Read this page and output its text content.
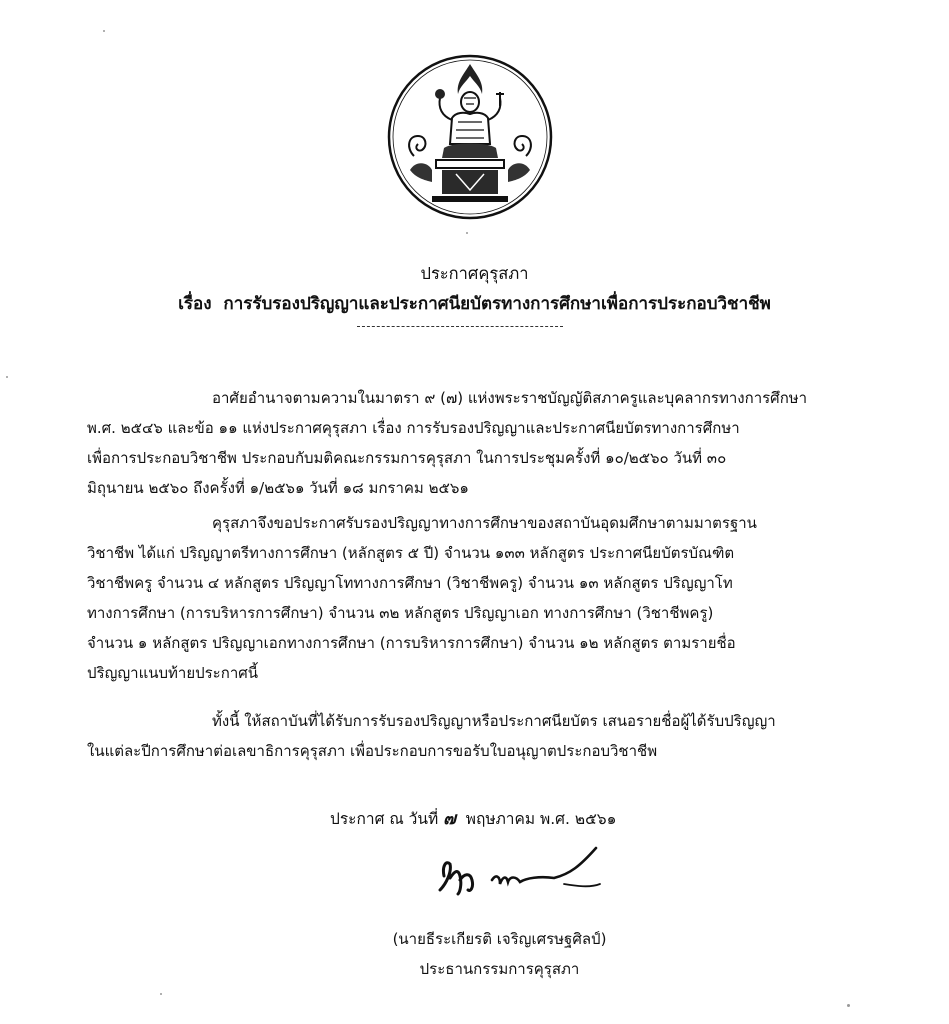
ประกาศคุรุสภา
เรื่อง การรับรองปริญญาและประกาศนียบัตรทางการศึกษาเพื่อการประกอบวิชาชีพ
อาศัยอำนาจตามความในมาตรา ๙ (๗) แห่งพระราชบัญญัติสภาครูและบุคลากรทางการศึกษา
พ.ศ. ๒๕๔๖ และข้อ ๑๑ แห่งประกาศคุรุสภา เรื่อง การรับรองปริญญาและประกาศนียบัตรทางการศึกษา
เพื่อการประกอบวิชาชีพ ประกอบกับมติคณะกรรมการคุรุสภา ในการประชุมครั้งที่ ๑๐/๒๕๖๐ วันที่ ๓๐
มิถุนายน ๒๕๖๐ ถึงครั้งที่ ๑/๒๕๖๑ วันที่ ๑๘ มกราคม ๒๕๖๑
คุรุสภาจึงขอประกาศรับรองปริญญาทางการศึกษาของสถาบันอุดมศึกษาตามมาตรฐาน
วิชาชีพ ได้แก่ ปริญญาตรีทางการศึกษา (หลักสูตร ๕ ปี) จำนวน ๑๓๓ หลักสูตร ประกาศนียบัตรบัณฑิต
วิชาชีพครู จำนวน ๔ หลักสูตร ปริญญาโททางการศึกษา (วิชาชีพครู) จำนวน ๑๓ หลักสูตร ปริญญาโท
ทางการศึกษา (การบริหารการศึกษา) จำนวน ๓๒ หลักสูตร ปริญญาเอก ทางการศึกษา (วิชาชีพครู)
จำนวน ๑ หลักสูตร ปริญญาเอกทางการศึกษา (การบริหารการศึกษา) จำนวน ๑๒ หลักสูตร ตามรายชื่อ
ปริญญาแนบท้ายประกาศนี้
ทั้งนี้ ให้สถาบันที่ได้รับการรับรองปริญญาหรือประกาศนียบัตร เสนอรายชื่อผู้ได้รับปริญญา
ในแต่ละปีการศึกษาต่อเลขาธิการคุรุสภา เพื่อประกอบการขอรับใบอนุญาตประกอบวิชาชีพ
ประกาศ ณ วันที่ ๗ พฤษภาคม พ.ศ. ๒๕๖๑
(นายธีระเกียรติ เจริญเศรษฐศิลป์)
ประธานกรรมการคุรุสภา
